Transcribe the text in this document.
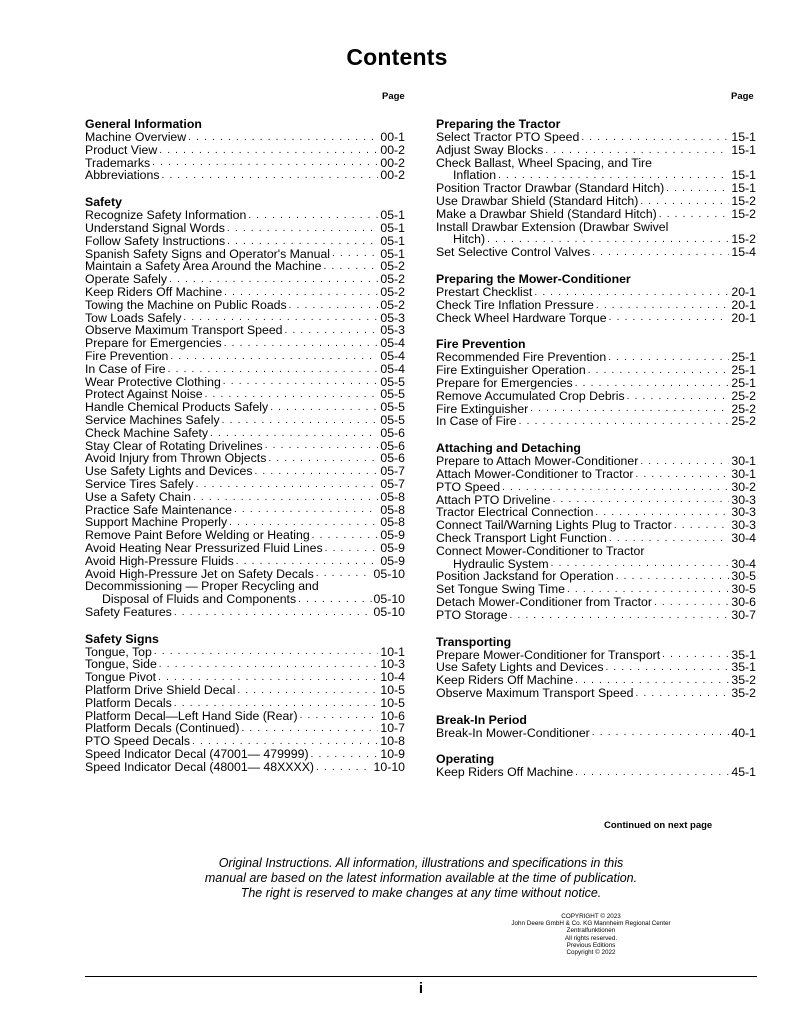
Contents
Page	Page
General Information
Machine Overview . . .	00-1
Product View . . .	00-2
Trademarks . . .	00-2
Abbreviations . . .	00-2
Safety
Recognize Safety Information . . .	05-1
Understand Signal Words . . .	05-1
Follow Safety Instructions . . .	05-1
Spanish Safety Signs and Operator's Manual . . .	05-1
Maintain a Safety Area Around the Machine . . .	05-2
Operate Safely . . .	05-2
Keep Riders Off Machine . . .	05-2
Towing the Machine on Public Roads . . .	05-2
Tow Loads Safely . . .	05-3
Observe Maximum Transport Speed . . .	05-3
Prepare for Emergencies . . .	05-4
Fire Prevention . . .	05-4
In Case of Fire . . .	05-4
Wear Protective Clothing . . .	05-5
Protect Against Noise . . .	05-5
Handle Chemical Products Safely . . .	05-5
Service Machines Safely . . .	05-5
Check Machine Safety . . .	05-6
Stay Clear of Rotating Drivelines . . .	05-6
Avoid Injury from Thrown Objects . . .	05-6
Use Safety Lights and Devices . . .	05-7
Service Tires Safely . . .	05-7
Use a Safety Chain . . .	05-8
Practice Safe Maintenance . . .	05-8
Support Machine Properly . . .	05-8
Remove Paint Before Welding or Heating . . .	05-9
Avoid Heating Near Pressurized Fluid Lines . . .	05-9
Avoid High-Pressure Fluids . . .	05-9
Avoid High-Pressure Jet on Safety Decals . . .	05-10
Decommissioning — Proper Recycling and
Disposal of Fluids and Components . . .	05-10
Safety Features . . .	05-10
Safety Signs
Tongue, Top . . .	10-1
Tongue, Side . . .	10-3
Tongue Pivot . . .	10-4
Platform Drive Shield Decal . . .	10-5
Platform Decals . . .	10-5
Platform Decal—Left Hand Side (Rear) . . .	10-6
Platform Decals (Continued) . . .	10-7
PTO Speed Decals . . .	10-8
Speed Indicator Decal (47001— 479999) . . .	10-9
Speed Indicator Decal (48001— 48XXXX) . . .	10-10
Preparing the Tractor
Select Tractor PTO Speed . . .	15-1
Adjust Sway Blocks . . .	15-1
Check Ballast, Wheel Spacing, and Tire
Inflation . . .	15-1
Position Tractor Drawbar (Standard Hitch) . . .	15-1
Use Drawbar Shield (Standard Hitch) . . .	15-2
Make a Drawbar Shield (Standard Hitch) . . .	15-2
Install Drawbar Extension (Drawbar Swivel
Hitch) . . .	15-2
Set Selective Control Valves . . .	15-4
Preparing the Mower-Conditioner
Prestart Checklist . . .	20-1
Check Tire Inflation Pressure . . .	20-1
Check Wheel Hardware Torque . . .	20-1
Fire Prevention
Recommended Fire Prevention . . .	25-1
Fire Extinguisher Operation . . .	25-1
Prepare for Emergencies . . .	25-1
Remove Accumulated Crop Debris . . .	25-2
Fire Extinguisher . . .	25-2
In Case of Fire . . .	25-2
Attaching and Detaching
Prepare to Attach Mower-Conditioner . . .	30-1
Attach Mower-Conditioner to Tractor . . .	30-1
PTO Speed . . .	30-2
Attach PTO Driveline . . .	30-3
Tractor Electrical Connection . . .	30-3
Connect Tail/Warning Lights Plug to Tractor . . .	30-3
Check Transport Light Function . . .	30-4
Connect Mower-Conditioner to Tractor
Hydraulic System . . .	30-4
Position Jackstand for Operation . . .	30-5
Set Tongue Swing Time . . .	30-5
Detach Mower-Conditioner from Tractor . . .	30-6
PTO Storage . . .	30-7
Transporting
Prepare Mower-Conditioner for Transport . . .	35-1
Use Safety Lights and Devices . . .	35-1
Keep Riders Off Machine . . .	35-2
Observe Maximum Transport Speed . . .	35-2
Break-In Period
Break-In Mower-Conditioner . . .	40-1
Operating
Keep Riders Off Machine . . .	45-1
Continued on next page
Original Instructions. All information, illustrations and specifications in this
manual are based on the latest information available at the time of publication.
The right is reserved to make changes at any time without notice.
COPYRIGHT © 2023
John Deere GmbH & Co. KG Mannheim Regional Center
Zentralfunktionen
All rights reserved.
Previous Editions
Copyright © 2022
i
